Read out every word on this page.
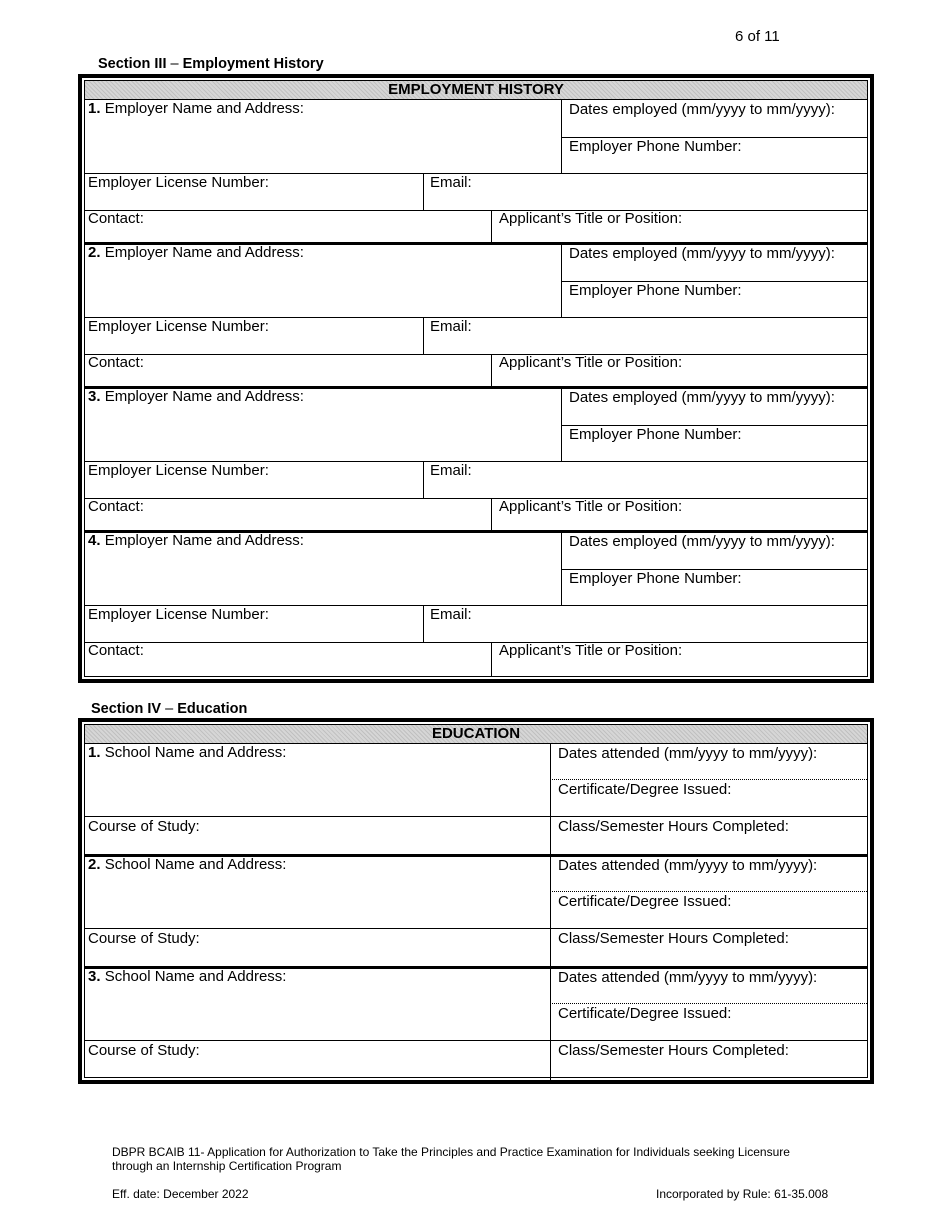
6 of 11
Section III – Employment History
EMPLOYMENT HISTORY
1. Employer Name and Address:	Dates employed (mm/yyyy to mm/yyyy):
Employer Phone Number:
Employer License Number:	Email:
Contact:	Applicant’s Title or Position:
2. Employer Name and Address:	Dates employed (mm/yyyy to mm/yyyy):
Employer Phone Number:
Employer License Number:	Email:
Contact:	Applicant’s Title or Position:
3. Employer Name and Address:	Dates employed (mm/yyyy to mm/yyyy):
Employer Phone Number:
Employer License Number:	Email:
Contact:	Applicant’s Title or Position:
4. Employer Name and Address:	Dates employed (mm/yyyy to mm/yyyy):
Employer Phone Number:
Employer License Number:	Email:
Contact:	Applicant’s Title or Position:
Section IV – Education
EDUCATION
1. School Name and Address:	Dates attended (mm/yyyy to mm/yyyy):
Certificate/Degree Issued:
Course of Study:	Class/Semester Hours Completed:
2. School Name and Address:	Dates attended (mm/yyyy to mm/yyyy):
Certificate/Degree Issued:
Course of Study:	Class/Semester Hours Completed:
3. School Name and Address:	Dates attended (mm/yyyy to mm/yyyy):
Certificate/Degree Issued:
Course of Study:	Class/Semester Hours Completed:
DBPR BCAIB 11- Application for Authorization to Take the Principles and Practice Examination for Individuals seeking Licensure
through an Internship Certification Program
Eff. date: December 2022	Incorporated by Rule: 61-35.008
